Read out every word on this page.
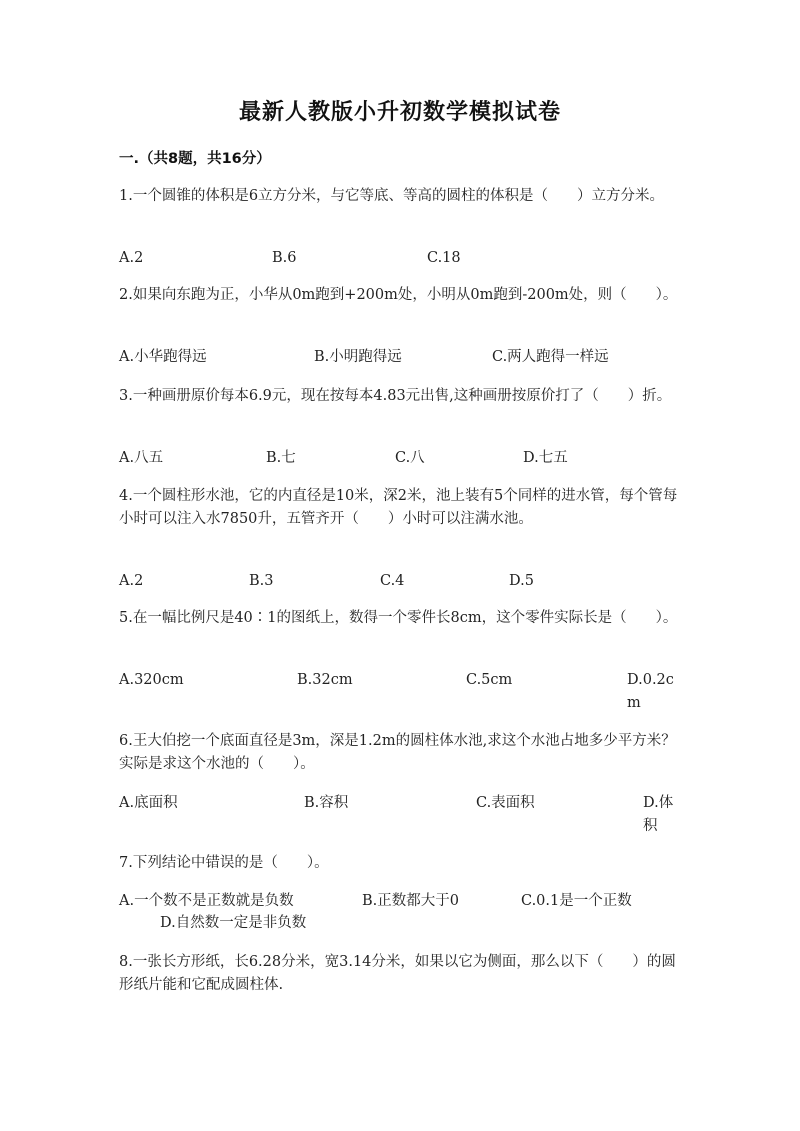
最新人教版小升初数学模拟试卷
一.（共8题，共16分）
1.一个圆锥的体积是6立方分米，与它等底、等高的圆柱的体积是（　　）立方分米。
A.2	B.6	C.18
2.如果向东跑为正，小华从0m跑到+200m处，小明从0m跑到-200m处，则（　　）。
A.小华跑得远	B.小明跑得远	C.两人跑得一样远
3.一种画册原价每本6.9元，现在按每本4.83元出售,这种画册按原价打了（　　）折。
A.八五	B.七	C.八	D.七五
4.一个圆柱形水池，它的内直径是10米，深2米，池上装有5个同样的进水管，每个管每小时可以注入水7850升，五管齐开（　　）小时可以注满水池。
A.2	B.3	C.4	D.5
5.在一幅比例尺是40∶1的图纸上，数得一个零件长8cm，这个零件实际长是（　　）。
A.320cm	B.32cm	C.5cm	D.0.2cm
6.王大伯挖一个底面直径是3m，深是1.2m的圆柱体水池,求这个水池占地多少平方米？实际是求这个水池的（　　）。
A.底面积	B.容积	C.表面积	D.体积
7.下列结论中错误的是（　　）。
A.一个数不是正数就是负数	B.正数都大于0	C.0.1是一个正数
D.自然数一定是非负数
8.一张长方形纸，长6.28分米，宽3.14分米，如果以它为侧面，那么以下（　　）的圆形纸片能和它配成圆柱体.
